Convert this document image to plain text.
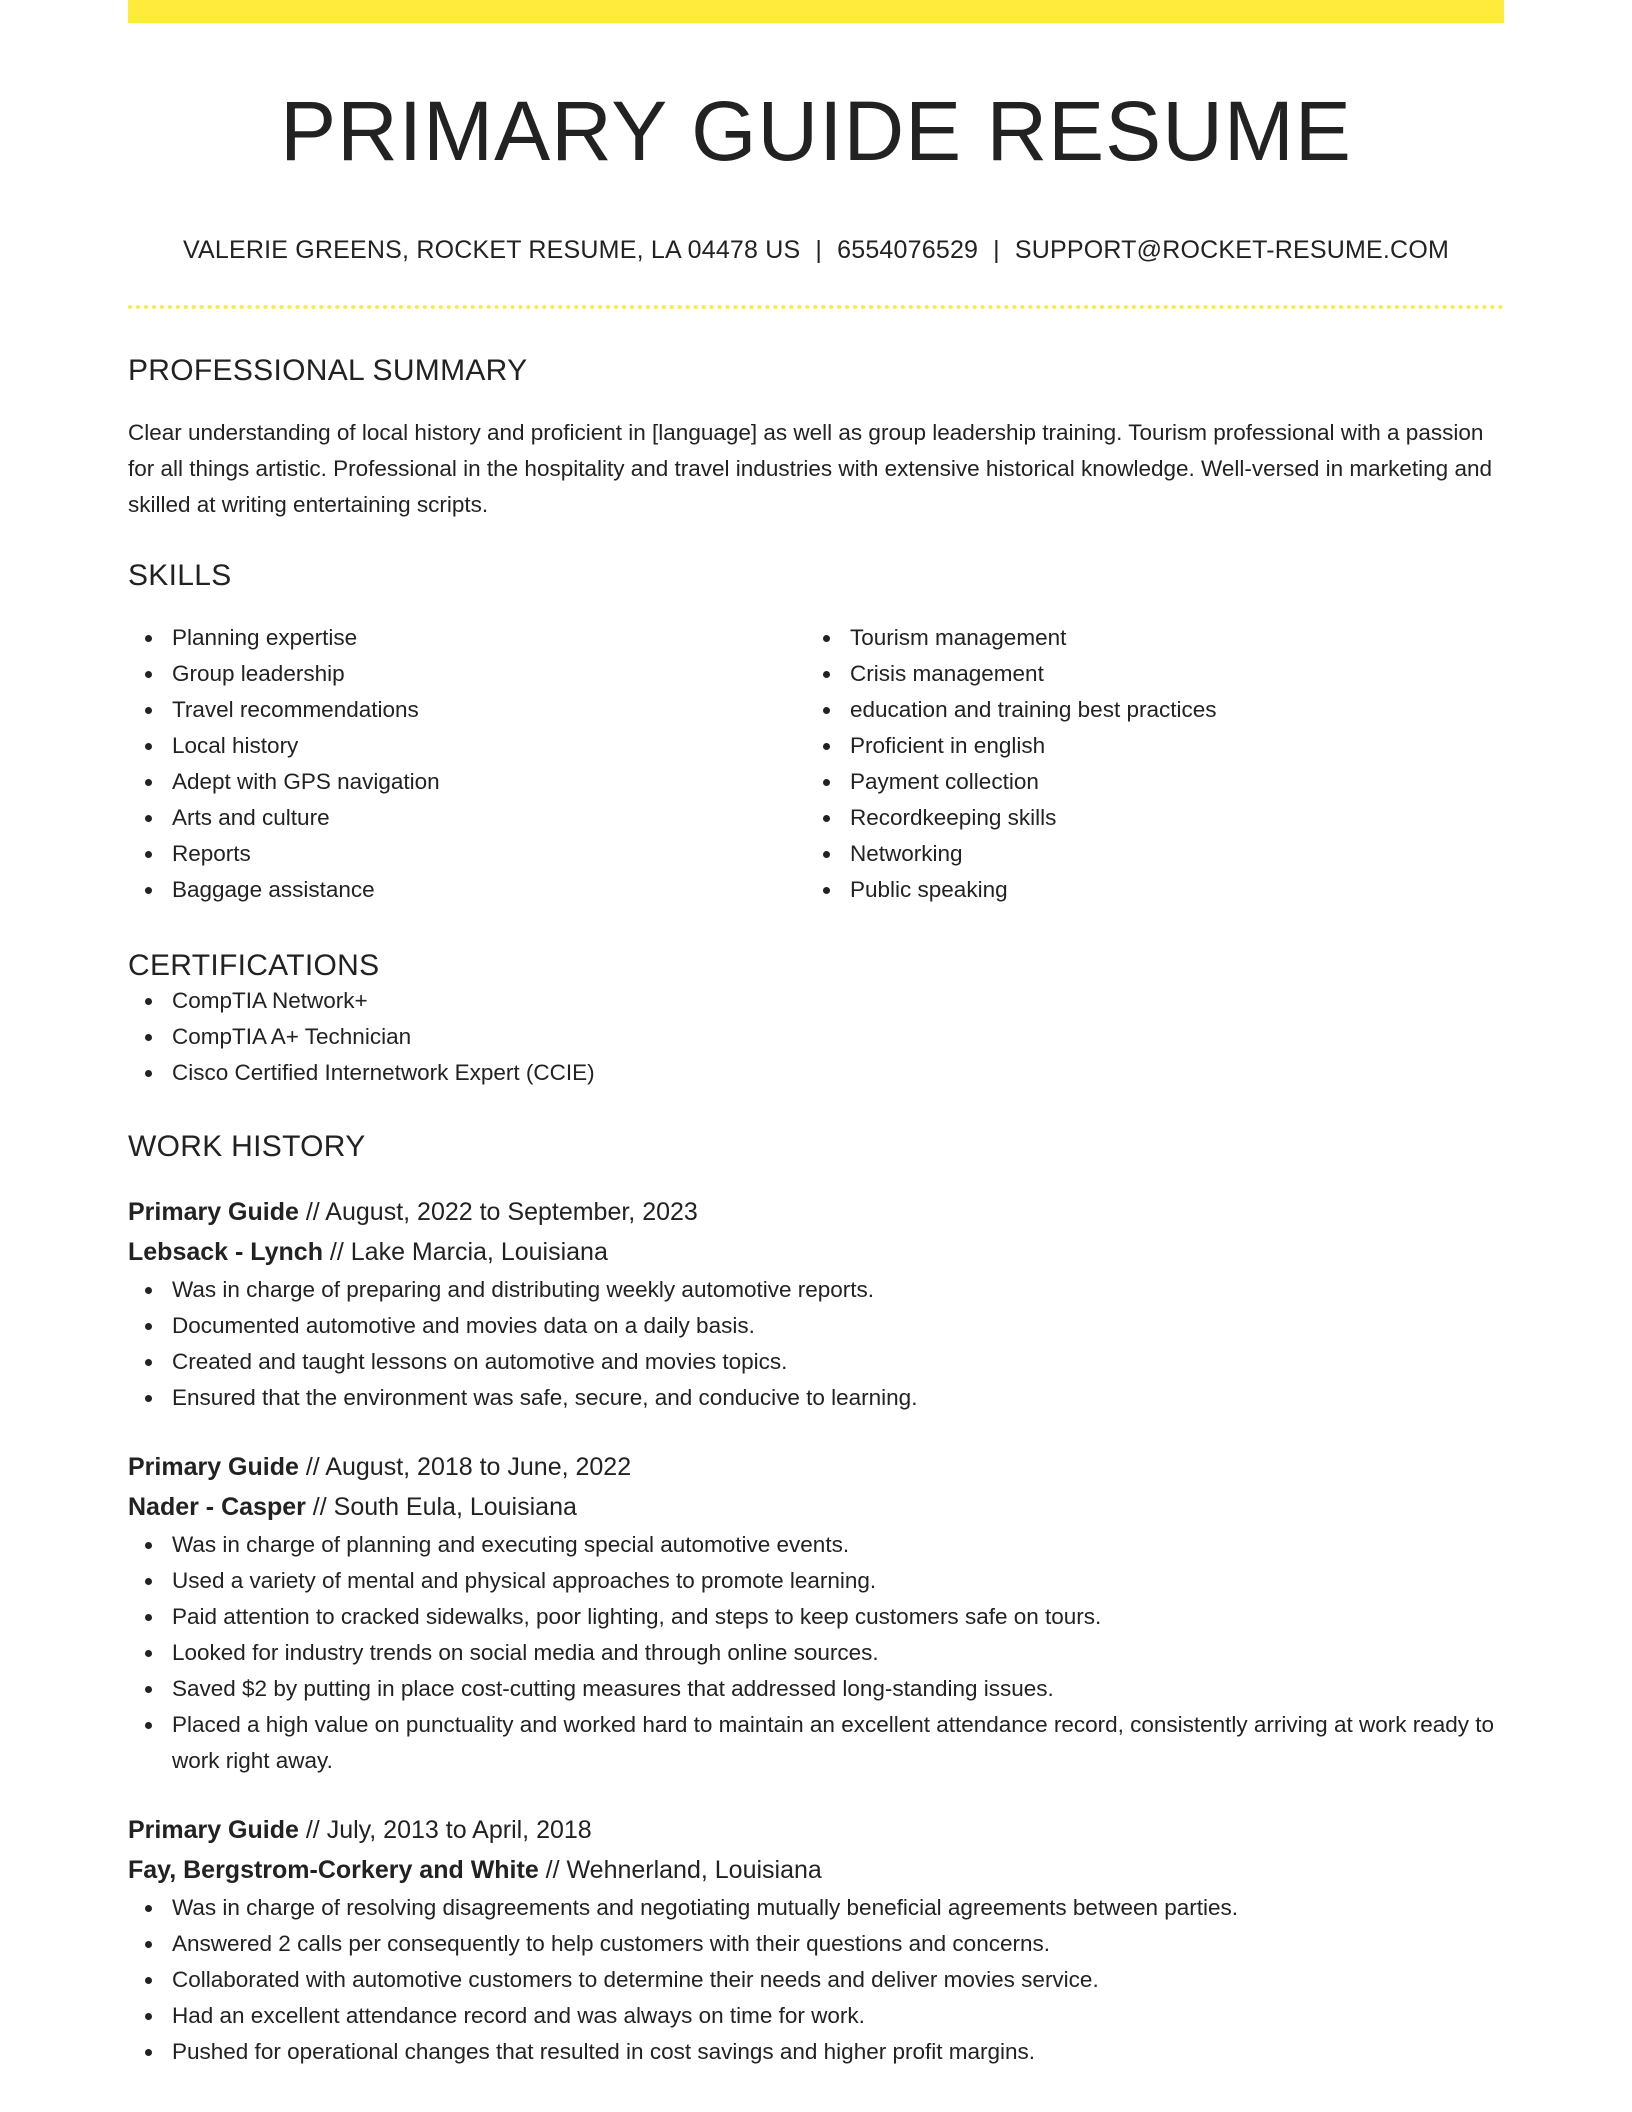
PRIMARY GUIDE RESUME
VALERIE GREENS, ROCKET RESUME, LA 04478 US | 6554076529 | SUPPORT@ROCKET-RESUME.COM
PROFESSIONAL SUMMARY

Clear understanding of local history and proficient in [language] as well as group leadership training. Tourism professional with a passion for all things artistic. Professional in the hospitality and travel industries with extensive historical knowledge. Well-versed in marketing and skilled at writing entertaining scripts.

SKILLS
Planning expertise
Group leadership
Travel recommendations
Local history
Adept with GPS navigation
Arts and culture
Reports
Baggage assistance
Tourism management
Crisis management
education and training best practices
Proficient in english
Payment collection
Recordkeeping skills
Networking
Public speaking
CERTIFICATIONS
CompTIA Network+
CompTIA A+ Technician
Cisco Certified Internetwork Expert (CCIE)
WORK HISTORY
Primary Guide // August, 2022 to September, 2023
Lebsack - Lynch // Lake Marcia, Louisiana
Was in charge of preparing and distributing weekly automotive reports.
Documented automotive and movies data on a daily basis.
Created and taught lessons on automotive and movies topics.
Ensured that the environment was safe, secure, and conducive to learning.
Primary Guide // August, 2018 to June, 2022
Nader - Casper // South Eula, Louisiana
Was in charge of planning and executing special automotive events.
Used a variety of mental and physical approaches to promote learning.
Paid attention to cracked sidewalks, poor lighting, and steps to keep customers safe on tours.
Looked for industry trends on social media and through online sources.
Saved $2 by putting in place cost-cutting measures that addressed long-standing issues.
Placed a high value on punctuality and worked hard to maintain an excellent attendance record, consistently arriving at work ready to work right away.
Primary Guide // July, 2013 to April, 2018
Fay, Bergstrom-Corkery and White // Wehnerland, Louisiana
Was in charge of resolving disagreements and negotiating mutually beneficial agreements between parties.
Answered 2 calls per consequently to help customers with their questions and concerns.
Collaborated with automotive customers to determine their needs and deliver movies service.
Had an excellent attendance record and was always on time for work.
Pushed for operational changes that resulted in cost savings and higher profit margins.
